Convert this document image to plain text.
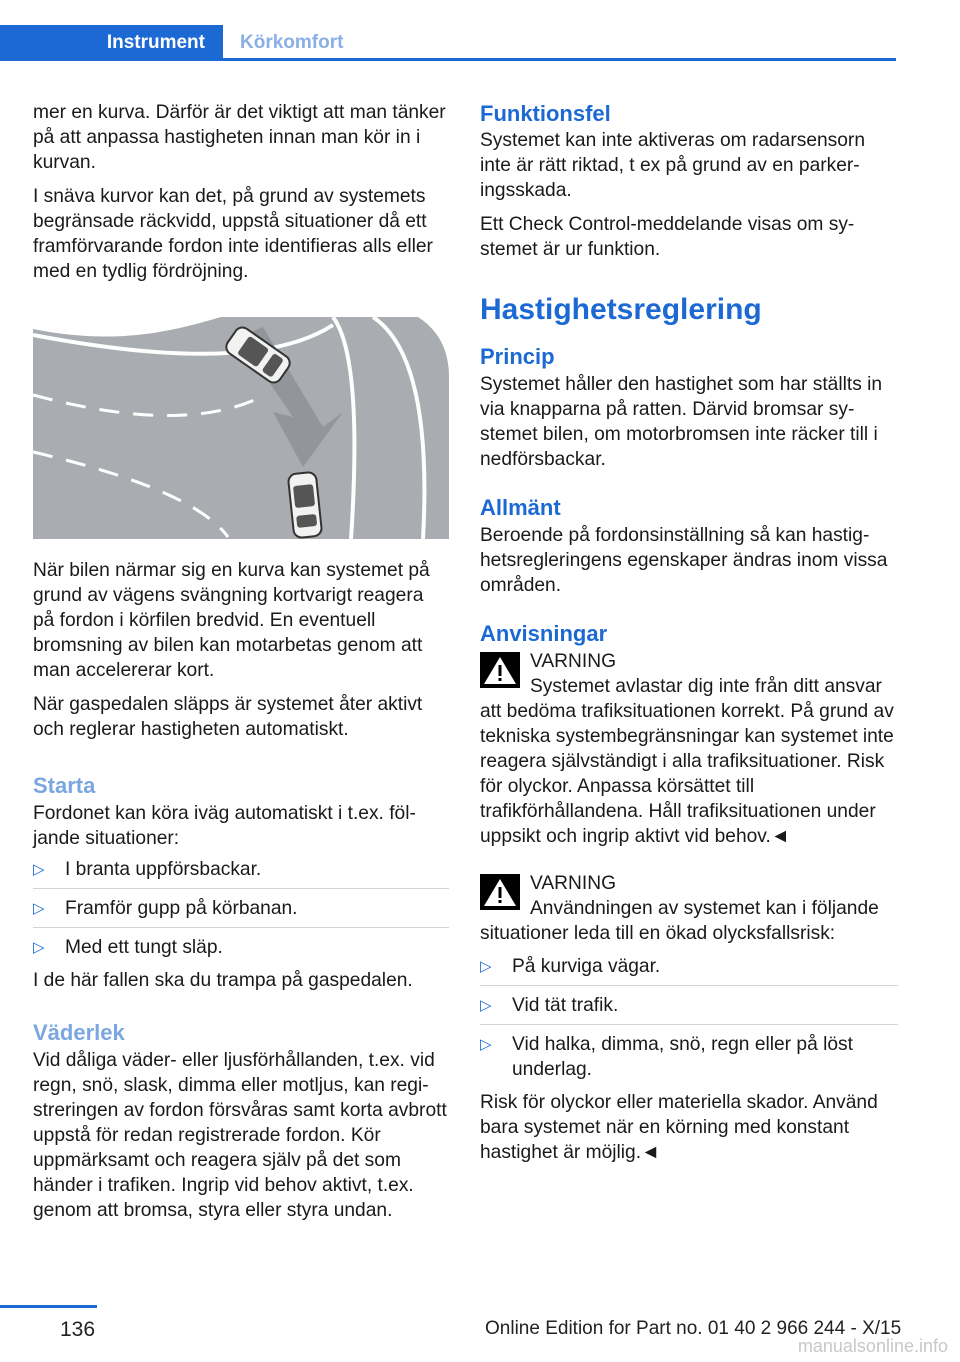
Instrument	Körkomfort

mer en kurva. Därför är det viktigt att man tänker på att anpassa hastigheten innan man kör in i kurvan.

I snäva kurvor kan det, på grund av systemets begränsade räckvidd, uppstå situationer då ett framförvarande fordon inte identifieras alls eller med en tydlig fördröjning.

När bilen närmar sig en kurva kan systemet på grund av vägens svängning kortvarigt reagera på fordon i körfilen bredvid. En eventuell bromsning av bilen kan motarbetas genom att man accelererar kort.

När gaspedalen släpps är systemet åter aktivt och reglerar hastigheten automatiskt.

Starta

Fordonet kan köra iväg automatiskt i t.ex. följande situationer:

▷ I branta uppförsbackar.
▷ Framför gupp på körbanan.
▷ Med ett tungt släp.

I de här fallen ska du trampa på gaspedalen.

Väderlek

Vid dåliga väder- eller ljusförhållanden, t.ex. vid regn, snö, slask, dimma eller motljus, kan registreringen av fordon försvåras samt korta avbrott uppstå för redan registrerade fordon. Kör uppmärksamt och reagera själv på det som händer i trafiken. Ingrip vid behov aktivt, t.ex. genom att bromsa, styra eller styra undan.

Funktionsfel

Systemet kan inte aktiveras om radarsensorn inte är rätt riktad, t ex på grund av en parkeringsskada.

Ett Check Control-meddelande visas om systemet är ur funktion.

Hastighetsreglering
Princip

Systemet håller den hastighet som har ställts in via knapparna på ratten. Därvid bromsar systemet bilen, om motorbromsen inte räcker till i nedförsbackar.

Allmänt

Beroende på fordonsinställning så kan hastighetsregleringens egenskaper ändras inom vissa områden.

Anvisningar
VARNING
Systemet avlastar dig inte från ditt ansvar att bedöma trafiksituationen korrekt. På grund av tekniska systembegränsningar kan systemet inte reagera självständigt i alla trafiksituationer. Risk för olyckor. Anpassa körsättet till trafikförhållandena. Håll trafiksituationen under uppsikt och ingrip aktivt vid behov.◄
VARNING
Användningen av systemet kan i följande situationer leda till en ökad olycksfallsrisk:
▷ På kurviga vägar.
▷ Vid tät trafik.
▷ Vid halka, dimma, snö, regn eller på löst underlag.

Risk för olyckor eller materiella skador. Använd bara systemet när en körning med konstant hastighet är möjlig.◄

136	Online Edition for Part no. 01 40 2 966 244 - X/15
manualsonline.info
